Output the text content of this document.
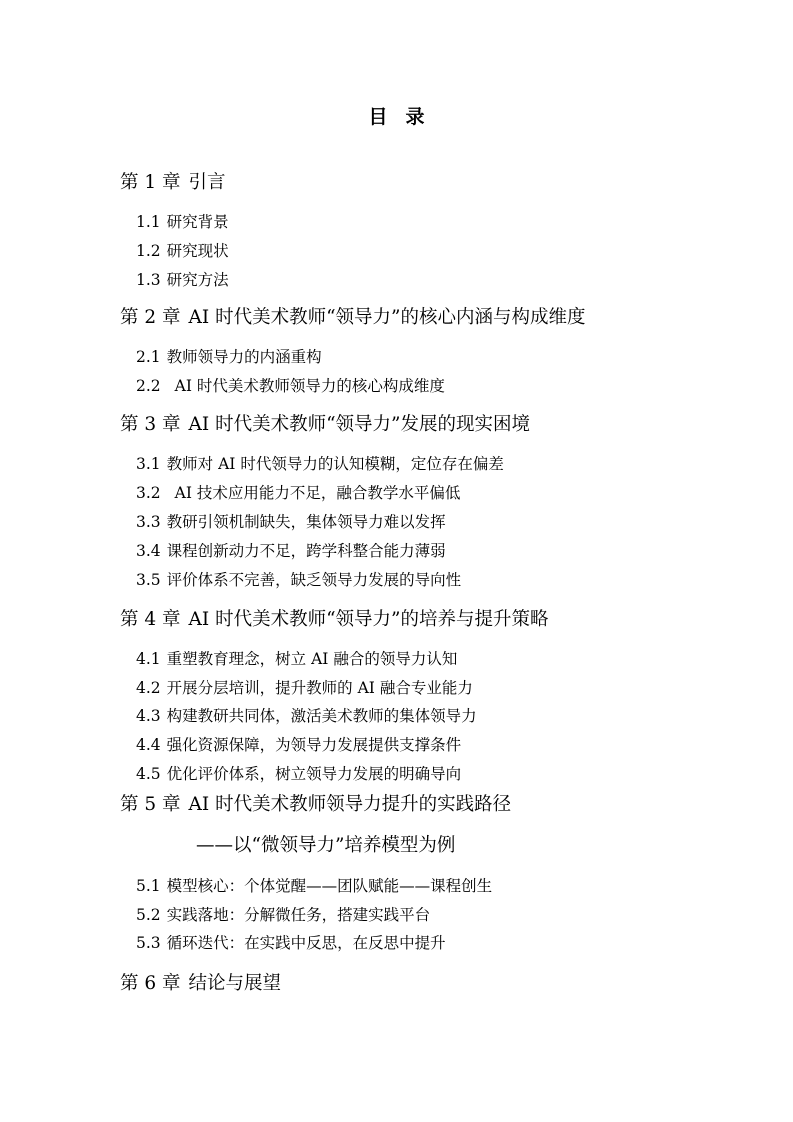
目录
第 1 章 引言
1.1 研究背景
1.2 研究现状
1.3 研究方法
第 2 章 AI 时代美术教师“领导力”的核心内涵与构成维度
2.1 教师领导力的内涵重构
2.2 AI 时代美术教师领导力的核心构成维度
第 3 章 AI 时代美术教师“领导力”发展的现实困境
3.1 教师对 AI 时代领导力的认知模糊，定位存在偏差
3.2 AI 技术应用能力不足，融合教学水平偏低
3.3 教研引领机制缺失，集体领导力难以发挥
3.4 课程创新动力不足，跨学科整合能力薄弱
3.5 评价体系不完善，缺乏领导力发展的导向性
第 4 章 AI 时代美术教师“领导力”的培养与提升策略
4.1 重塑教育理念，树立 AI 融合的领导力认知
4.2 开展分层培训，提升教师的 AI 融合专业能力
4.3 构建教研共同体，激活美术教师的集体领导力
4.4 强化资源保障，为领导力发展提供支撑条件
4.5 优化评价体系，树立领导力发展的明确导向
第 5 章 AI 时代美术教师领导力提升的实践路径
——以“微领导力”培养模型为例
5.1 模型核心：个体觉醒——团队赋能——课程创生
5.2 实践落地：分解微任务，搭建实践平台
5.3 循环迭代：在实践中反思，在反思中提升
第 6 章 结论与展望
